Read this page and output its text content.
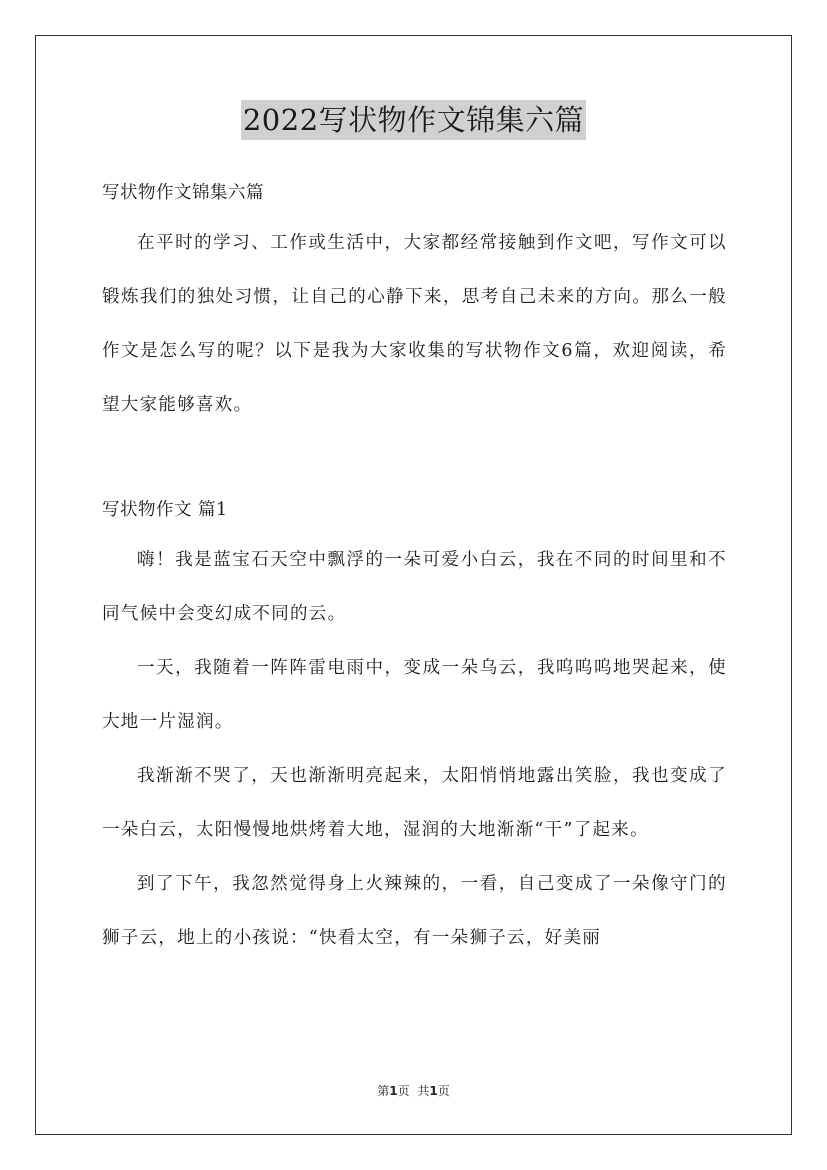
2022写状物作文锦集六篇
写状物作文锦集六篇

在平时的学习、工作或生活中，大家都经常接触到作文吧，写作文可以锻炼我们的独处习惯，让自己的心静下来，思考自己未来的方向。那么一般作文是怎么写的呢？以下是我为大家收集的写状物作文6篇，欢迎阅读，希望大家能够喜欢。

写状物作文 篇1

嗨！我是蓝宝石天空中飘浮的一朵可爱小白云，我在不同的时间里和不同气候中会变幻成不同的云。

一天，我随着一阵阵雷电雨中，变成一朵乌云，我呜呜呜地哭起来，使大地一片湿润。

我渐渐不哭了，天也渐渐明亮起来，太阳悄悄地露出笑脸，我也变成了一朵白云，太阳慢慢地烘烤着大地，湿润的大地渐渐“干”了起来。

到了下午，我忽然觉得身上火辣辣的，一看，自己变成了一朵像守门的狮子云，地上的小孩说：“快看太空，有一朵狮子云，好美丽

第1页 共1页
